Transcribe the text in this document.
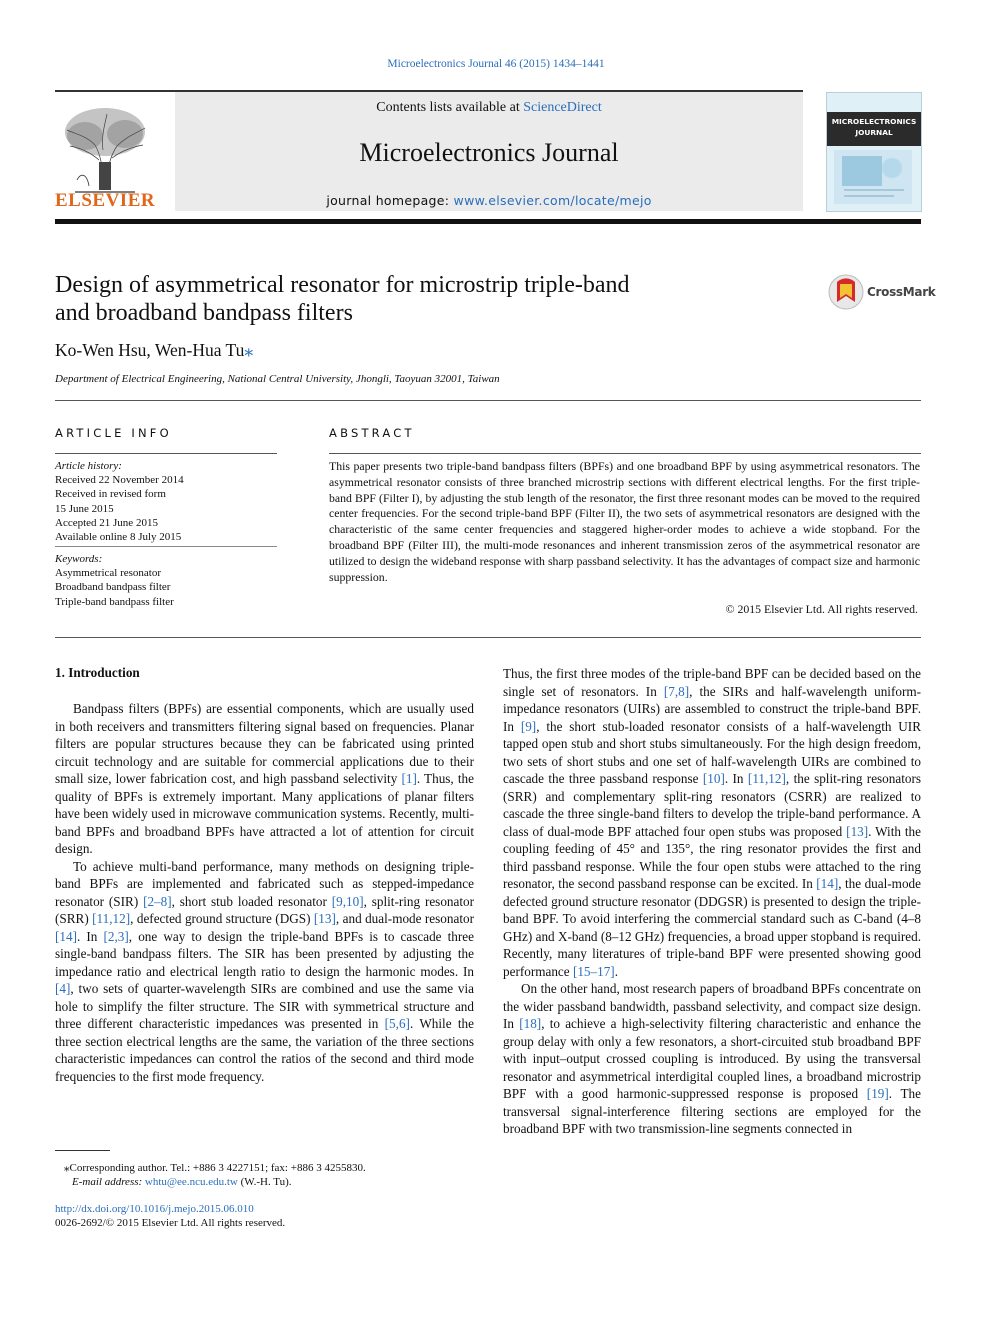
Microelectronics Journal 46 (2015) 1434–1441
ELSEVIER
Contents lists available at ScienceDirect
Microelectronics Journal
journal homepage: www.elsevier.com/locate/mejo
MICROELECTRONICS
JOURNAL
Design of asymmetrical resonator for microstrip triple-band
and broadband bandpass filters
CrossMark
Ko-Wen Hsu, Wen-Hua Tu⁎
Department of Electrical Engineering, National Central University, Jhongli, Taoyuan 32001, Taiwan
ARTICLE INFO
Article history:
Received 22 November 2014
Received in revised form
15 June 2015
Accepted 21 June 2015
Available online 8 July 2015
Keywords:
Asymmetrical resonator
Broadband bandpass filter
Triple-band bandpass filter
ABSTRACT
This paper presents two triple-band bandpass filters (BPFs) and one broadband BPF by using asymmetrical resonators. The asymmetrical resonator consists of three branched microstrip sections with different electrical lengths. For the first triple-band BPF (Filter I), by adjusting the stub length of the resonator, the first three resonant modes can be moved to the required center frequencies. For the second triple-band BPF (Filter II), the two sets of asymmetrical resonators are designed with the characteristic of the same center frequencies and staggered higher-order modes to achieve a wide stopband. For the broadband BPF (Filter III), the multi-mode resonances and inherent transmission zeros of the asymmetrical resonator are utilized to design the wideband response with sharp passband selectivity. It has the advantages of compact size and harmonic suppression.
© 2015 Elsevier Ltd. All rights reserved.
1. Introduction

Bandpass filters (BPFs) are essential components, which are usually used in both receivers and transmitters filtering signal based on frequencies. Planar filters are popular structures because they can be fabricated using printed circuit technology and are suitable for commercial applications due to their small size, lower fabrication cost, and high passband selectivity [1]. Thus, the quality of BPFs is extremely important. Many applications of planar filters have been widely used in microwave communication systems. Recently, multi-band BPFs and broadband BPFs have attracted a lot of attention for circuit design.

To achieve multi-band performance, many methods on designing triple-band BPFs are implemented and fabricated such as stepped-impedance resonator (SIR) [2–8], short stub loaded resonator [9,10], split-ring resonator (SRR) [11,12], defected ground structure (DGS) [13], and dual-mode resonator [14]. In [2,3], one way to design the triple-band BPFs is to cascade three single-band bandpass filters. The SIR has been presented by adjusting the impedance ratio and electrical length ratio to design the harmonic modes. In [4], two sets of quarter-wavelength SIRs are combined and use the same via hole to simplify the filter structure. The SIR with symmetrical structure and three different characteristic impedances was presented in [5,6]. While the three section electrical lengths are the same, the variation of the three sections characteristic impedances can control the ratios of the second and third mode frequencies to the first mode frequency.

Thus, the first three modes of the triple-band BPF can be decided based on the single set of resonators. In [7,8], the SIRs and half-wavelength uniform-impedance resonators (UIRs) are assembled to construct the triple-band BPF. In [9], the short stub-loaded resonator consists of a half-wavelength UIR tapped open stub and short stubs simultaneously. For the high design freedom, two sets of short stubs and one set of half-wavelength UIRs are combined to cascade the three passband response [10]. In [11,12], the split-ring resonators (SRR) and complementary split-ring resonators (CSRR) are realized to cascade the three single-band filters to develop the triple-band performance. A class of dual-mode BPF attached four open stubs was proposed [13]. With the coupling feeding of 45° and 135°, the ring resonator provides the first and third passband response. While the four open stubs were attached to the ring resonator, the second passband response can be excited. In [14], the dual-mode defected ground structure resonator (DDGSR) is presented to design the triple-band BPF. To avoid interfering the commercial standard such as C-band (4–8 GHz) and X-band (8–12 GHz) frequencies, a broad upper stopband is required. Recently, many literatures of triple-band BPF were presented showing good performance [15–17].

On the other hand, most research papers of broadband BPFs concentrate on the wider passband bandwidth, passband selectivity, and compact size design. In [18], to achieve a high-selectivity filtering characteristic and enhance the group delay with only a few resonators, a short-circuited stub broadband BPF with input–output crossed coupling is introduced. By using the transversal resonator and asymmetrical interdigital coupled lines, a broadband microstrip BPF with a good harmonic-suppressed response is proposed [19]. The transversal signal-interference filtering sections are employed for the broadband BPF with two transmission-line segments connected in

⁎Corresponding author. Tel.: +886 3 4227151; fax: +886 3 4255830.
E-mail address: whtu@ee.ncu.edu.tw (W.-H. Tu).
http://dx.doi.org/10.1016/j.mejo.2015.06.010
0026-2692/© 2015 Elsevier Ltd. All rights reserved.
